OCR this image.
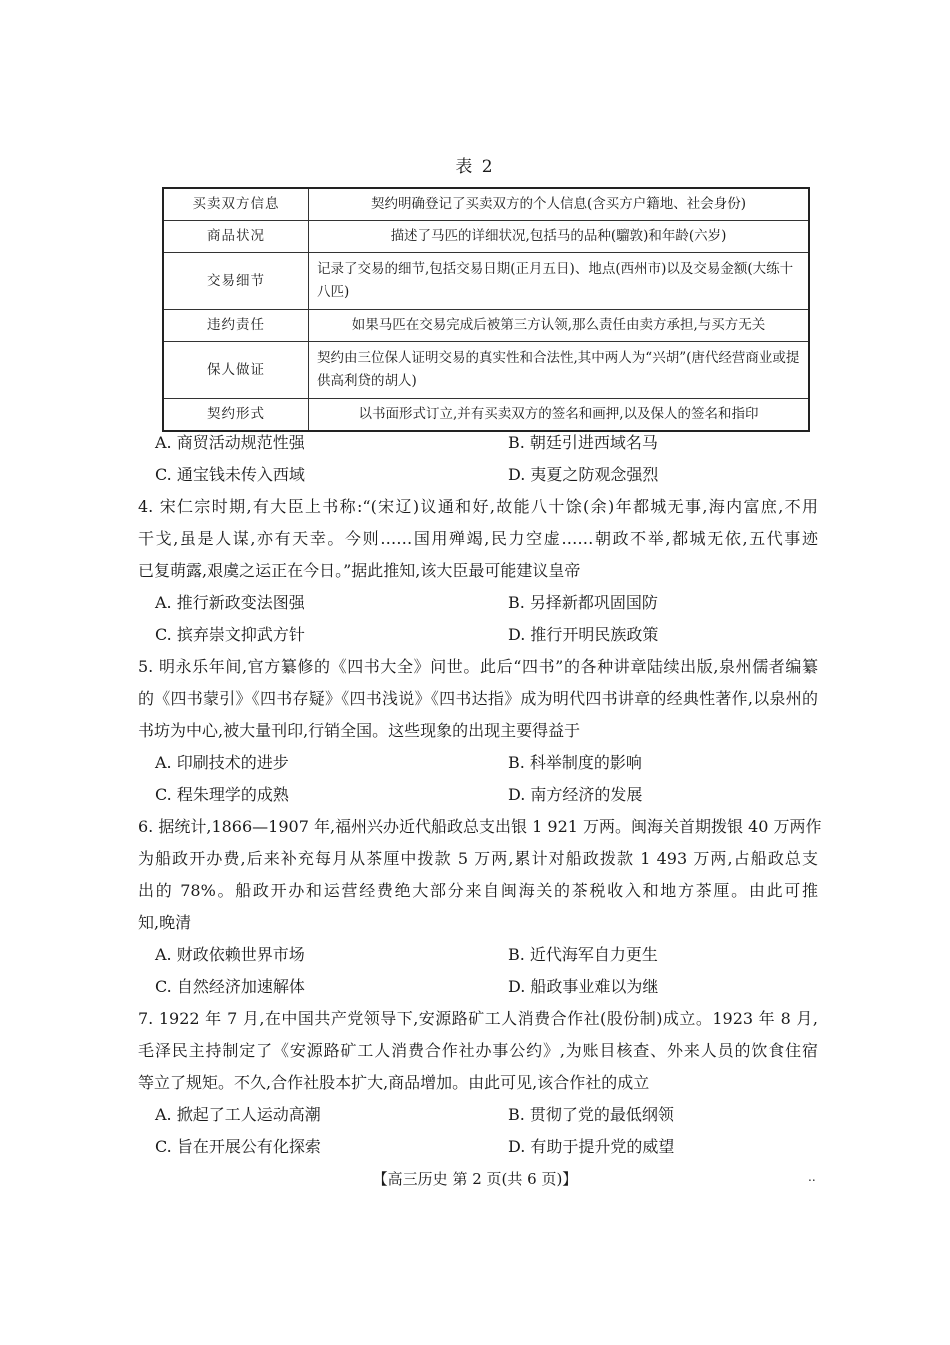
表 2
买卖双方信息	契约明确登记了买卖双方的个人信息(含买方户籍地、社会身份)
商品状况	描述了马匹的详细状况,包括马的品种(騮敦)和年龄(六岁)
交易细节	记录了交易的细节,包括交易日期(正月五日)、地点(西州市)以及交易金额(大练十八匹)
违约责任	如果马匹在交易完成后被第三方认领,那么责任由卖方承担,与买方无关
保人做证	契约由三位保人证明交易的真实性和合法性,其中两人为“兴胡”(唐代经营商业或提供高利贷的胡人)
契约形式	以书面形式订立,并有买卖双方的签名和画押,以及保人的签名和指印
A. 商贸活动规范性强	B. 朝廷引进西域名马
C. 通宝钱未传入西域	D. 夷夏之防观念强烈
4. 宋仁宗时期,有大臣上书称:“(宋辽)议通和好,故能八十馀(余)年都城无事,海内富庶,不用
干戈,虽是人谋,亦有天幸。今则……国用殚竭,民力空虚……朝政不举,都城无依,五代事迹
已复萌露,艰虞之运正在今日。”据此推知,该大臣最可能建议皇帝
A. 推行新政变法图强	B. 另择新都巩固国防
C. 摈弃崇文抑武方针	D. 推行开明民族政策
5. 明永乐年间,官方纂修的《四书大全》问世。此后“四书”的各种讲章陆续出版,泉州儒者编纂
的《四书蒙引》《四书存疑》《四书浅说》《四书达指》成为明代四书讲章的经典性著作,以泉州的
书坊为中心,被大量刊印,行销全国。这些现象的出现主要得益于
A. 印刷技术的进步	B. 科举制度的影响
C. 程朱理学的成熟	D. 南方经济的发展
6. 据统计,1866—1907 年,福州兴办近代船政总支出银 1 921 万两。闽海关首期拨银 40 万两作
为船政开办费,后来补充每月从茶厘中拨款 5 万两,累计对船政拨款 1 493 万两,占船政总支
出的 78%。船政开办和运营经费绝大部分来自闽海关的茶税收入和地方茶厘。由此可推
知,晚清
A. 财政依赖世界市场	B. 近代海军自力更生
C. 自然经济加速解体	D. 船政事业难以为继
7. 1922 年 7 月,在中国共产党领导下,安源路矿工人消费合作社(股份制)成立。1923 年 8 月,
毛泽民主持制定了《安源路矿工人消费合作社办事公约》,为账目核查、外来人员的饮食住宿
等立了规矩。不久,合作社股本扩大,商品增加。由此可见,该合作社的成立
A. 掀起了工人运动高潮	B. 贯彻了党的最低纲领
C. 旨在开展公有化探索	D. 有助于提升党的威望
【高三历史 第 2 页(共 6 页)】	..
